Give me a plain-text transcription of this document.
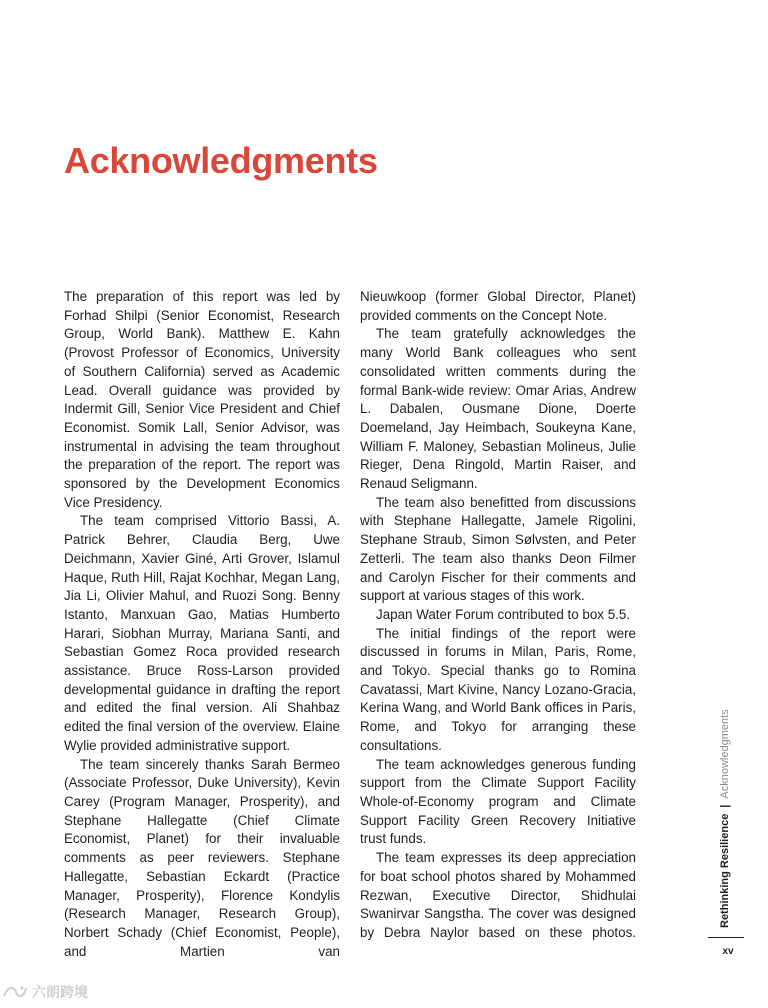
Acknowledgments

The preparation of this report was led by Forhad Shilpi (Senior Economist, Research Group, World Bank). Matthew E. Kahn (Provost Professor of Economics, University of Southern California) served as Academic Lead. Overall guidance was provided by Indermit Gill, Senior Vice President and Chief Economist. Somik Lall, Senior Advisor, was instrumental in advising the team throughout the preparation of the report. The report was sponsored by the Development Economics Vice Presidency.

The team comprised Vittorio Bassi, A. Patrick Behrer, Claudia Berg, Uwe Deichmann, Xavier Giné, Arti Grover, Islamul Haque, Ruth Hill, Rajat Kochhar, Megan Lang, Jia Li, Olivier Mahul, and Ruozi Song. Benny Istanto, Manxuan Gao, Matias Humberto Harari, Siobhan Murray, Mariana Santi, and Sebastian Gomez Roca provided research assistance. Bruce Ross-Larson provided developmental guidance in drafting the report and edited the final version. Ali Shahbaz edited the final version of the overview. Elaine Wylie provided administrative support.

The team sincerely thanks Sarah Bermeo (Associate Professor, Duke University), Kevin Carey (Program Manager, Prosperity), and Stephane Hallegatte (Chief Climate Economist, Planet) for their invaluable comments as peer reviewers. Stephane Hallegatte, Sebastian Eckardt (Practice Manager, Prosperity), Florence Kondylis (Research Manager, Research Group), Norbert Schady (Chief Economist, People), and Martien van

Nieuwkoop (former Global Director, Planet) provided comments on the Concept Note.

The team gratefully acknowledges the many World Bank colleagues who sent consolidated written comments during the formal Bank-wide review: Omar Arias, Andrew L. Dabalen, Ousmane Dione, Doerte Doemeland, Jay Heimbach, Soukeyna Kane, William F. Maloney, Sebastian Molineus, Julie Rieger, Dena Ringold, Martin Raiser, and Renaud Seligmann.

The team also benefitted from discussions with Stephane Hallegatte, Jamele Rigolini, Stephane Straub, Simon Sølvsten, and Peter Zetterli. The team also thanks Deon Filmer and Carolyn Fischer for their comments and support at various stages of this work.

Japan Water Forum contributed to box 5.5.

The initial findings of the report were discussed in forums in Milan, Paris, Rome, and Tokyo. Special thanks go to Romina Cavatassi, Mart Kivine, Nancy Lozano-Gracia, Kerina Wang, and World Bank offices in Paris, Rome, and Tokyo for arranging these consultations.

The team acknowledges generous funding support from the Climate Support Facility Whole-of-Economy program and Climate Support Facility Green Recovery Initiative trust funds.

The team expresses its deep appreciation for boat school photos shared by Mohammed Rezwan, Executive Director, Shidhulai Swanirvar Sangstha. The cover was designed by Debra Naylor based on these photos.

Rethinking Resilience|Acknowledgments
xv
六朗跨境
